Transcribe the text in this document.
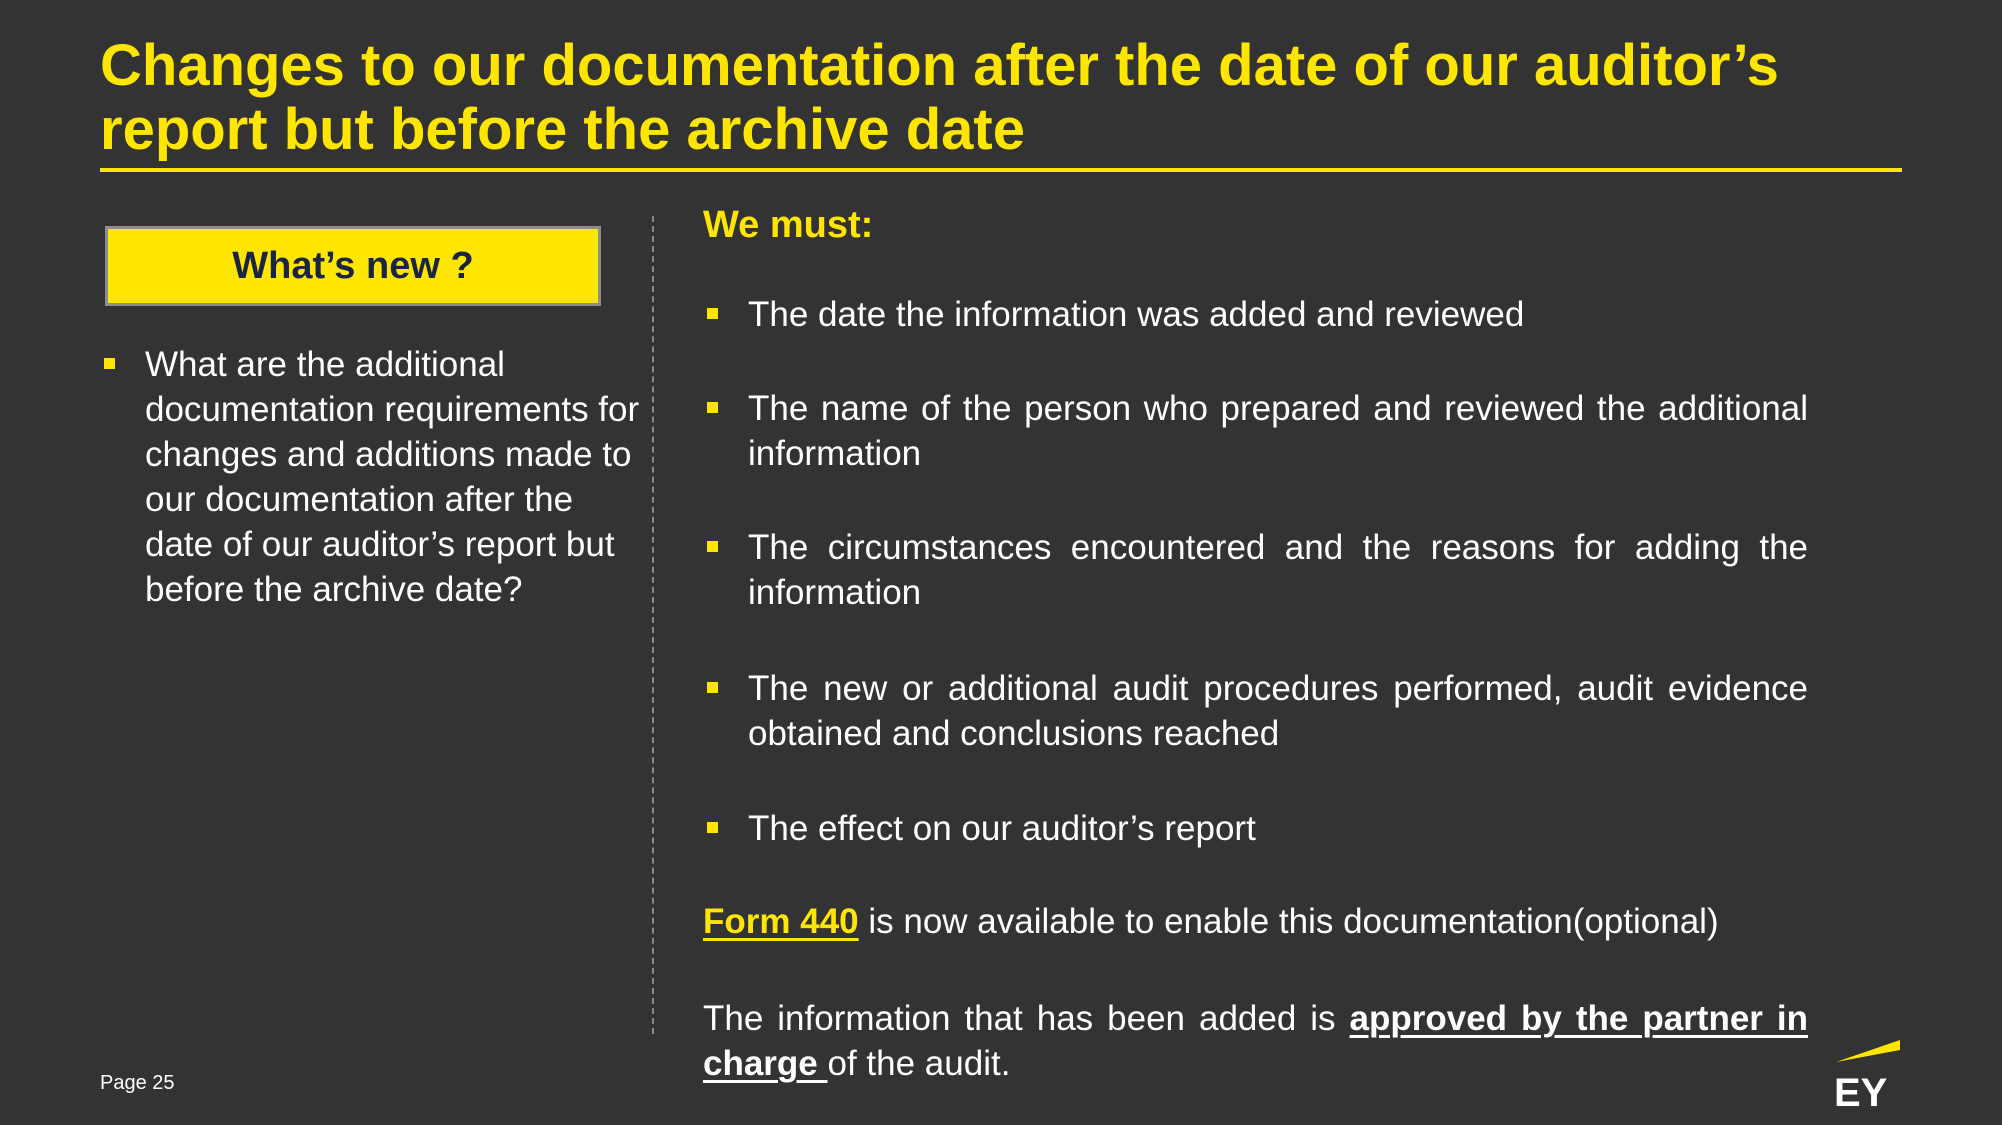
Changes to our documentation after the date of our auditor’s report but before the archive date
What’s new ?
What are the additional documentation requirements for changes and additions made to our documentation after the date of our auditor’s report but before the archive date?
We must:
The date the information was added and reviewed
The name of the person who prepared and reviewed the additional information
The circumstances encountered and the reasons for adding the information
The new or additional audit procedures performed, audit evidence obtained and conclusions reached
The effect on our auditor’s report
Form 440 is now available to enable this documentation(optional)
The information that has been added is approved by the partner in charge of the audit.
Page 25	EY
